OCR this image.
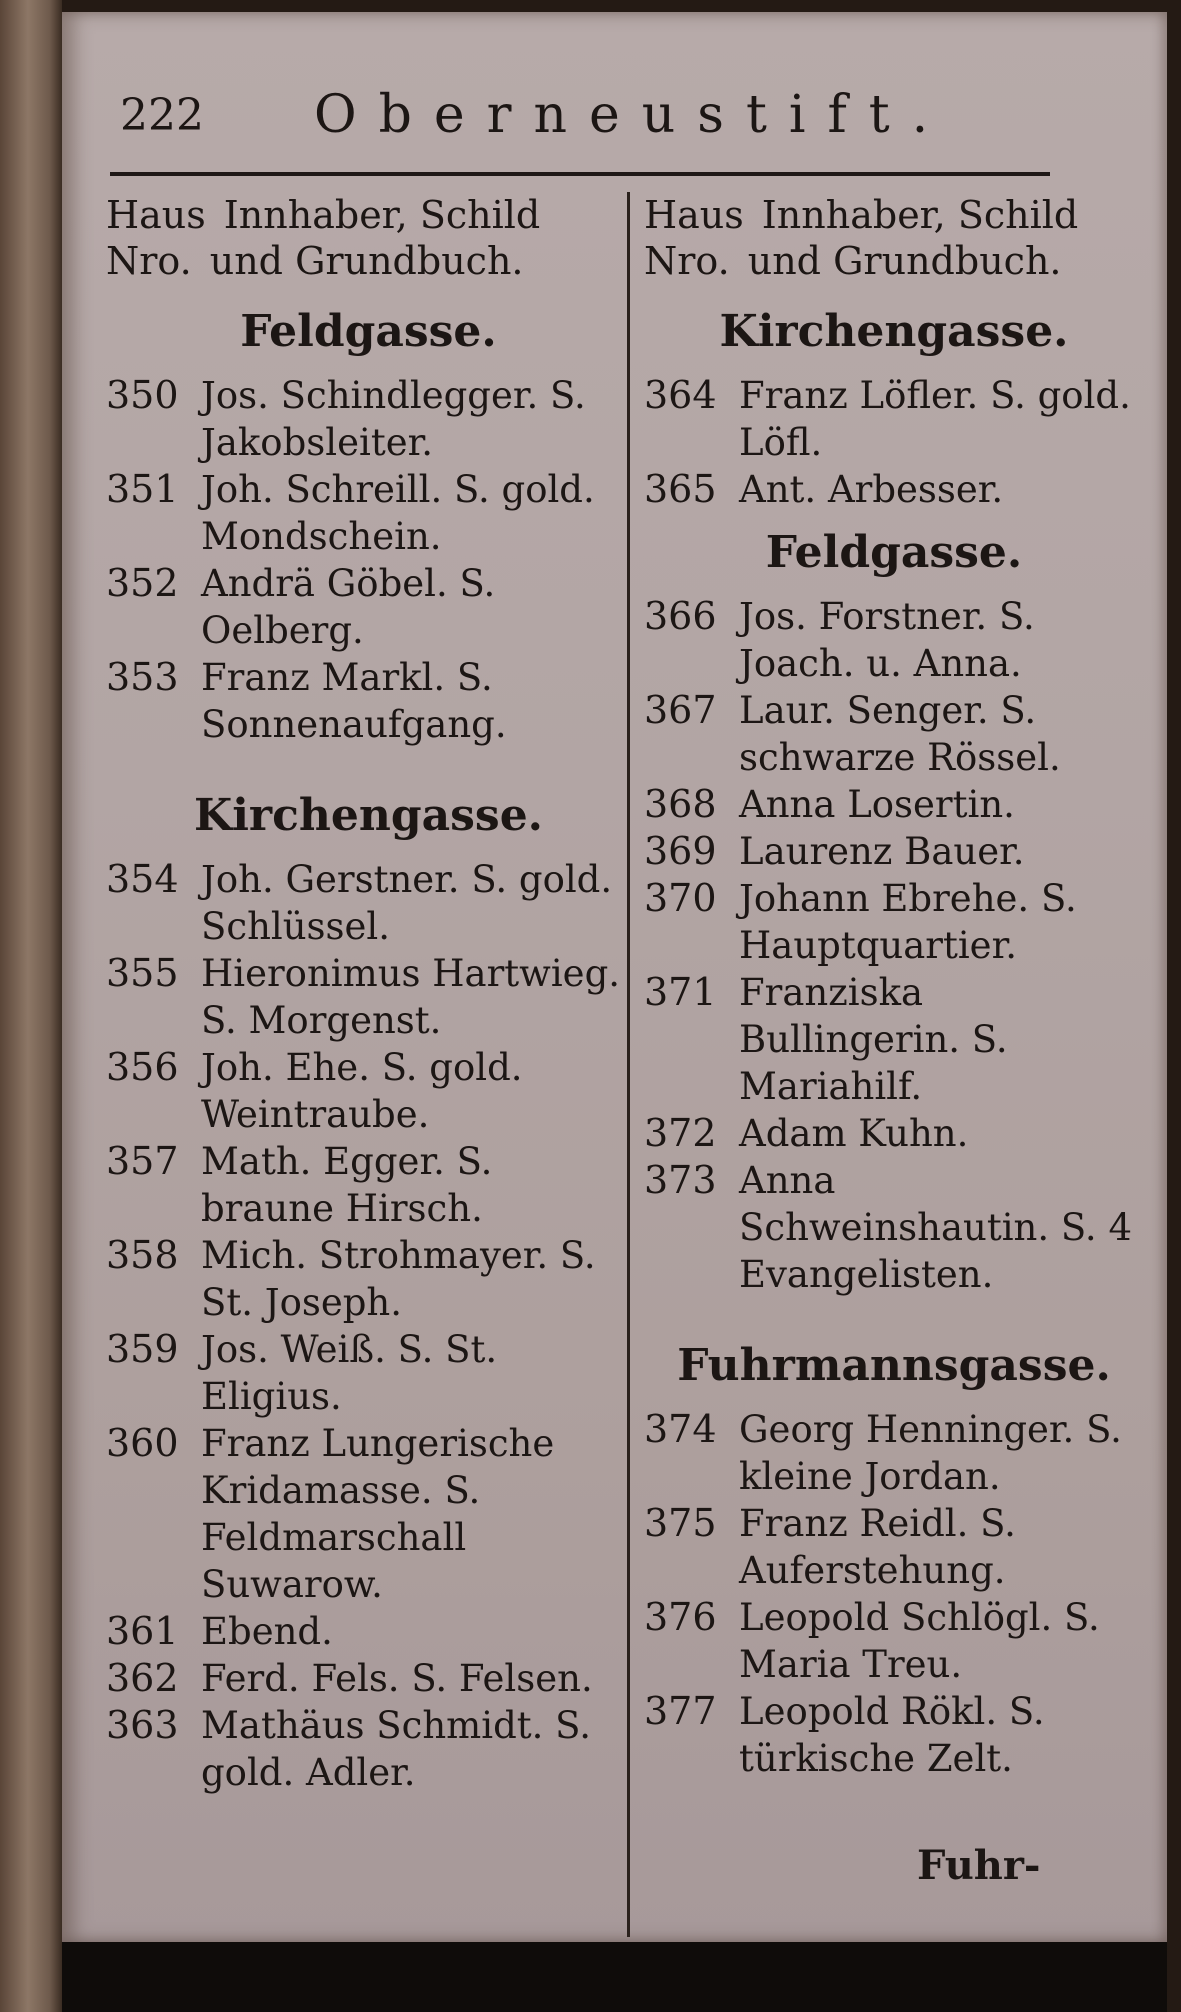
222 Oberneustift.
Haus Innhaber, Schild
Nro. und Grundbuch.
Feldgasse.
350 Jos. Schindlegger. S. Jakobsleiter.
351 Joh. Schreill. S. gold. Mondschein.
352 Andrä Göbel. S. Oelberg.
353 Franz Markl. S. Sonnenaufgang.
Kirchengasse.
354 Joh. Gerstner. S. gold. Schlüssel.
355 Hieronimus Hartwieg. S. Morgenst.
356 Joh. Ehe. S. gold. Weintraube.
357 Math. Egger. S. braune Hirsch.
358 Mich. Strohmayer. S. St. Joseph.
359 Jos. Weiß. S. St. Eligius.
360 Franz Lungerische Kridamasse. S. Feldmarschall Suwarow.
361 Ebend.
362 Ferd. Fels. S. Felsen.
363 Mathäus Schmidt. S. gold. Adler.
Haus Innhaber, Schild
Nro. und Grundbuch.
Kirchengasse.
364 Franz Löfler. S. gold. Löfl.
365 Ant. Arbesser.
Feldgasse.
366 Jos. Forstner. S. Joach. u. Anna.
367 Laur. Senger. S. schwarze Rössel.
368 Anna Losertin.
369 Laurenz Bauer.
370 Johann Ebrehe. S. Hauptquartier.
371 Franziska Bullingerin. S. Mariahilf.
372 Adam Kuhn.
373 Anna Schweinshautin. S. 4 Evangelisten.
Fuhrmannsgasse.
374 Georg Henninger. S. kleine Jordan.
375 Franz Reidl. S. Auferstehung.
376 Leopold Schlögl. S. Maria Treu.
377 Leopold Rökl. S. türkische Zelt.
Fuhr-
